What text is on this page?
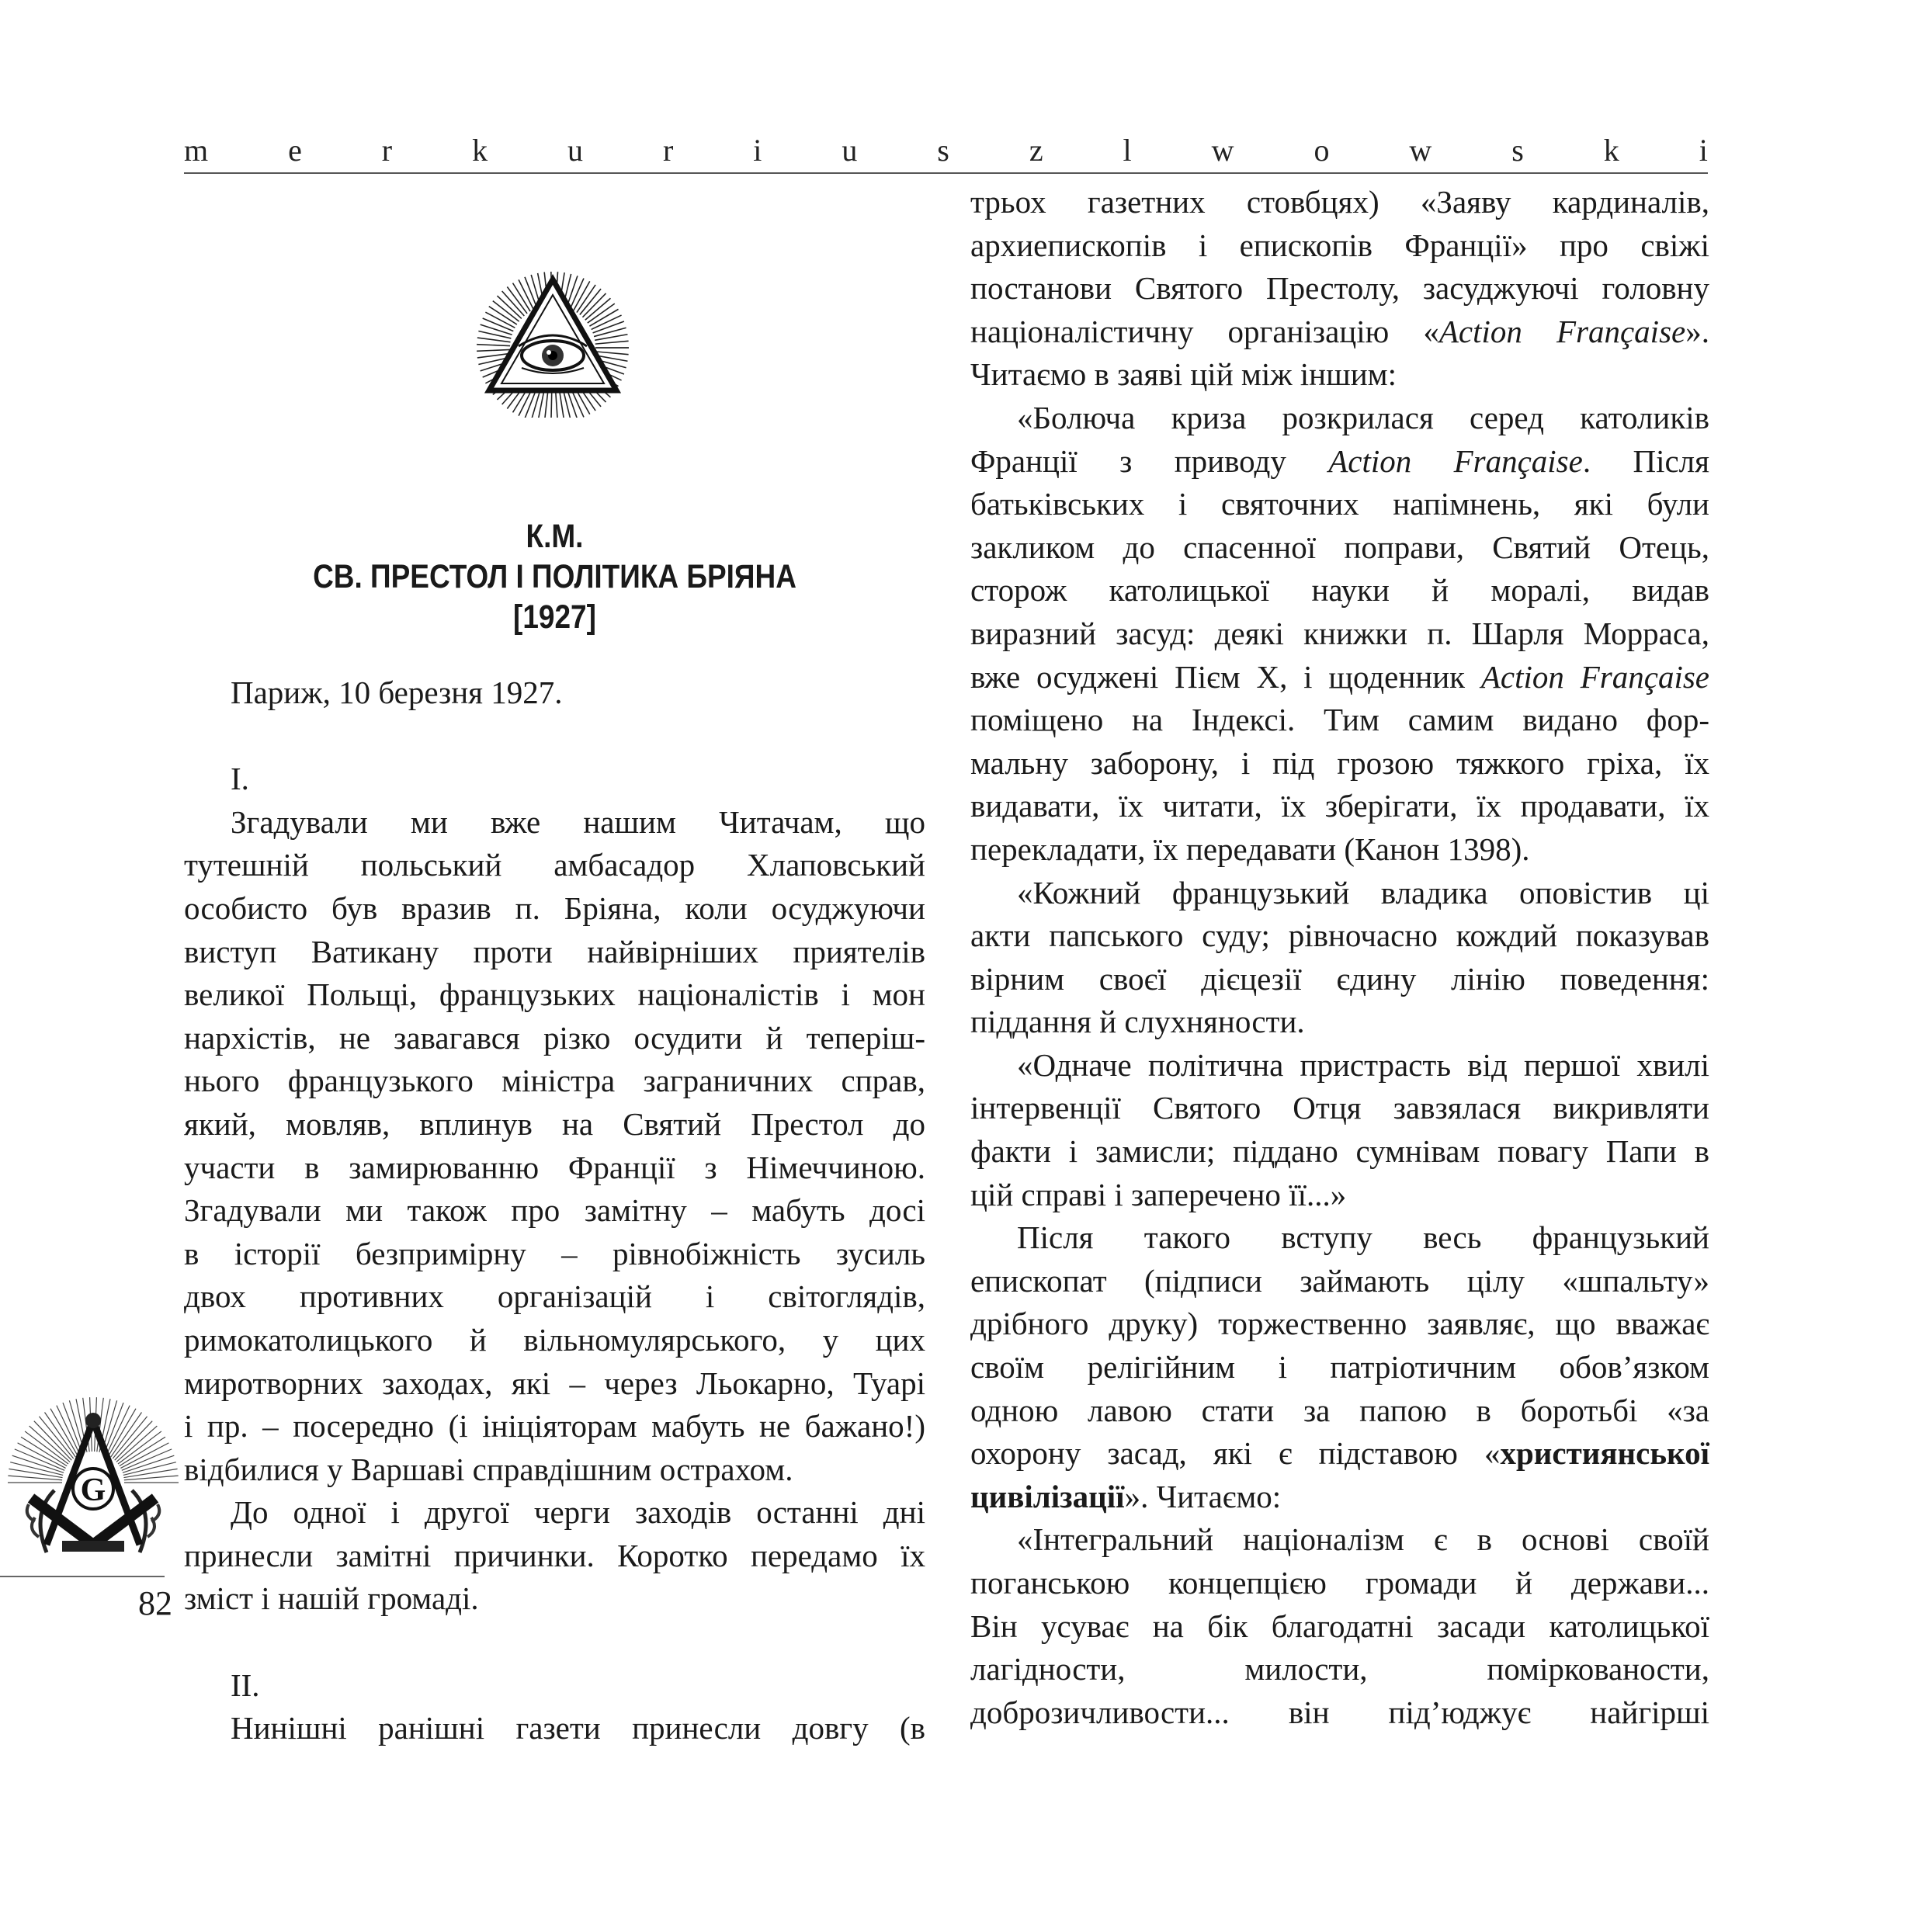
m	e	r	k	u	r	i	u	s	z	l	w	o	w	s	k	i
К.М.
СВ. ПРЕСТОЛ І ПОЛІТИКА БРІЯНА
[1927]

Париж, 10 березня 1927.

I.

Згадували ми вже нашим Читачам, що

тутешній польський амбасадор Хлаповський

особисто був вразив п. Бріяна, коли осуджуючи

виступ Ватикану проти найвірніших приятелів

великої Польщі, французьких націоналістів і мон

нархістів, не завагався різко осудити й теперіш-

нього французького міністра заграничних справ,

який, мовляв, вплинув на Святий Престол до

участи в замирюванню Франції з Німеччиною.

Згадували ми також про замітну – мабуть досі

в історії безпримірну – рівнобіжність зусиль

двох противних організацій і світоглядів,

римокатолицького й вільномулярського, у цих

миротворних заходах, які – через Льокарно, Туарі

і пр. – посередно (і ініціяторам мабуть не бажано!)

відбилися у Варшаві справдішним острахом.

До одної і другої черги заходів останні дні

принесли замітні причинки. Коротко передамо їх

зміст і нашій громаді.

II.

Нинішні ранішні газети принесли довгу (в

трьох газетних стовбцях) «Заяву кардиналів,

архиепископів і епископів Франції» про свіжі

постанови Святого Престолу, засуджуючі головну

націоналістичну організацію «Action Française».

Читаємо в заяві цій між іншим:

«Болюча криза розкрилася серед католиків

Франції з приводу Action Française. Після

батьківських і святочних напімнень, які були

закликом до спасенної поправи, Святий Отець,

сторож католицької науки й моралі, видав

виразний засуд: деякі книжки п. Шарля Морраса,

вже осуджені Пієм X, і щоденник Action Française

поміщено на Індексі. Тим самим видано фор-

мальну заборону, і під грозою тяжкого гріха, їх

видавати, їх читати, їх зберігати, їх продавати, їх

перекладати, їх передавати (Канон 1398).

«Кожний французький владика оповістив ці

акти папського суду; рівночасно кождий показував

вірним своєї дієцезії єдину лінію поведення:

піддання й слухняности.

«Одначе політична пристрасть від першої хвилі

інтервенції Святого Отця завзялася викривляти

факти і замисли; піддано сумнівам повагу Папи в

цій справі і заперечено її...»

Після такого вступу весь французький

епископат (підписи займають цілу «шпальту»

дрібного друку) торжественно заявляє, що вважає

своїм релігійним і патріотичним обов’язком

одною лавою стати за папою в боротьбі «за

охорону засад, які є підставою «християнської

цивілізації». Читаємо:

«Інтегральний націоналізм є в основі своїй

поганською концепцією громади й держави...

Він усуває на бік благодатні засади католицької

лагідности, милости, поміркованости,

доброзичливости... він під’юджує найгірші

G
82
